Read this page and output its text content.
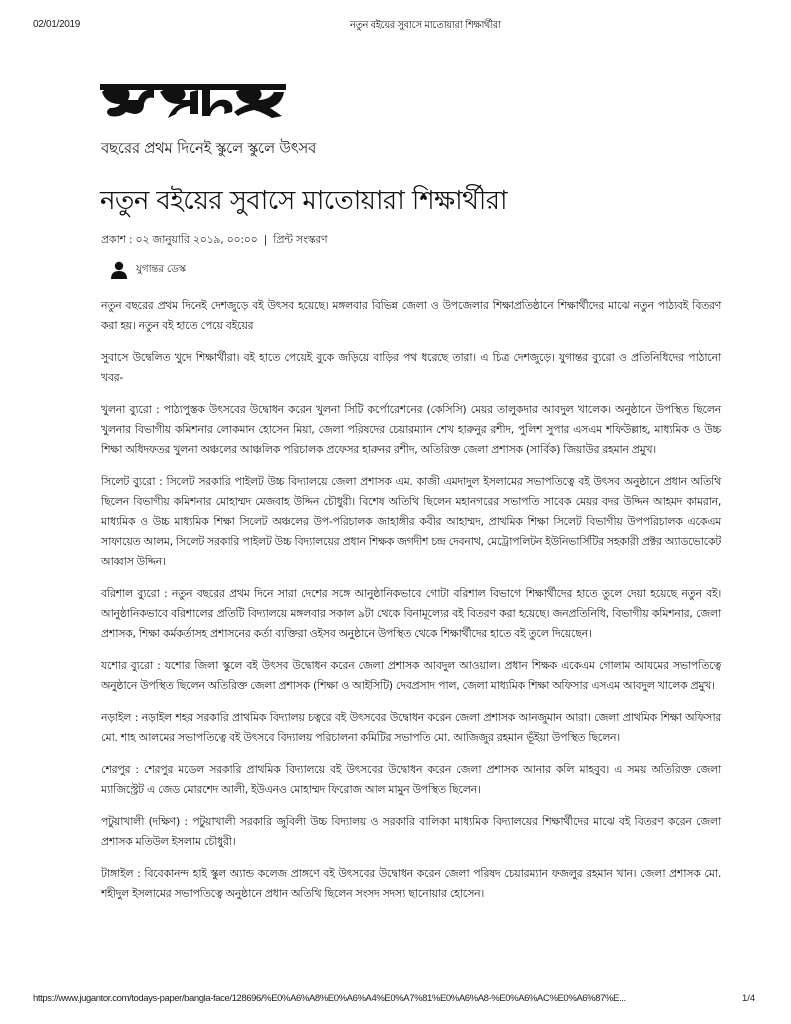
02/01/2019	নতুন বইয়ের সুবাসে মাতোয়ারা শিক্ষার্থীরা
বছরের প্রথম দিনেই স্কুলে স্কুলে উৎসব
নতুন বইয়ের সুবাসে মাতোয়ারা শিক্ষার্থীরা
প্রকাশ : ০২ জানুয়ারি ২০১৯, ০০:০০ | প্রিন্ট সংস্করণ
যুগান্তর ডেস্ক

নতুন বছরের প্রথম দিনেই দেশজুড়ে বই উৎসব হয়েছে। মঙ্গলবার বিভিন্ন জেলা ও উপজেলার শিক্ষাপ্রতিষ্ঠানে শিক্ষার্থীদের মাঝে নতুন পাঠ্যবই বিতরণ করা হয়। নতুন বই হাতে পেয়ে বইয়ের

সুবাসে উদ্বেলিত খুদে শিক্ষার্থীরা। বই হাতে পেয়েই বুকে জড়িয়ে বাড়ির পথ ধরেছে তারা। এ চিত্র দেশজুড়ে। যুগান্তর ব্যুরো ও প্রতিনিধিদের পাঠানো খবর-

খুলনা ব্যুরো : পাঠ্যপুস্তক উৎসবের উদ্বোধন করেন খুলনা সিটি কর্পোরেশনের (কেসিসি) মেয়র তালুকদার আবদুল খালেক। অনুষ্ঠানে উপস্থিত ছিলেন খুলনার বিভাগীয় কমিশনার লোকমান হোসেন মিয়া, জেলা পরিষদের চেয়ারম্যান শেখ হারুনুর রশীদ, পুলিশ সুপার এসএম শফিউল্লাহ, মাধ্যমিক ও উচ্চ শিক্ষা অধিদফতর খুলনা অঞ্চলের আঞ্চলিক পরিচালক প্রফেসর হারুনর রশীদ, অতিরিক্ত জেলা প্রশাসক (সার্বিক) জিয়াউর রহমান প্রমুখ।

সিলেট ব্যুরো : সিলেট সরকারি পাইলট উচ্চ বিদ্যালয়ে জেলা প্রশাসক এম. কাজী এমদাদুল ইসলামের সভাপতিত্বে বই উৎসব অনুষ্ঠানে প্রধান অতিথি ছিলেন বিভাগীয় কমিশনার মোহাম্মদ মেজবাহ উদ্দিন চৌধুরী। বিশেষ অতিথি ছিলেন মহানগরের সভাপতি সাবেক মেয়র বদর উদ্দিন আহমদ কামরান, মাধ্যমিক ও উচ্চ মাধ্যমিক শিক্ষা সিলেট অঞ্চলের উপ-পরিচালক জাহাঙ্গীর কবীর আহাম্মদ, প্রাথমিক শিক্ষা সিলেট বিভাগীয় উপপরিচালক একেএম সাফায়েত আলম, সিলেট সরকারি পাইলট উচ্চ বিদ্যালয়ের প্রধান শিক্ষক জগদীশ চন্দ্র দেবনাথ, মেট্রোপলিটন ইউনিভার্সিটির সহকারী প্রক্টর অ্যাডভোকেট আব্বাস উদ্দিন।

বরিশাল ব্যুরো : নতুন বছরের প্রথম দিনে সারা দেশের সঙ্গে আনুষ্ঠানিকভাবে গোটা বরিশাল বিভাগে শিক্ষার্থীদের হাতে তুলে দেয়া হয়েছে নতুন বই। আনুষ্ঠানিকভাবে বরিশালের প্রতিটি বিদ্যালয়ে মঙ্গলবার সকাল ৯টা থেকে বিনামূল্যের বই বিতরণ করা হয়েছে। জনপ্রতিনিধি, বিভাগীয় কমিশনার, জেলা প্রশাসক, শিক্ষা কর্মকর্তাসহ প্রশাসনের কর্তা ব্যক্তিরা ওইসব অনুষ্ঠানে উপস্থিত থেকে শিক্ষার্থীদের হাতে বই তুলে দিয়েছেন।

যশোর ব্যুরো : যশোর জিলা স্কুলে বই উৎসব উদ্বোধন করেন জেলা প্রশাসক আবদুল আওয়াল। প্রধান শিক্ষক একেএম গোলাম আযমের সভাপতিত্বে অনুষ্ঠানে উপস্থিত ছিলেন অতিরিক্ত জেলা প্রশাসক (শিক্ষা ও আইসিটি) দেবপ্রসাদ পাল, জেলা মাধ্যমিক শিক্ষা অফিসার এসএম আবদুল খালেক প্রমুখ।

নড়াইল : নড়াইল শহর সরকারি প্রাথমিক বিদ্যালয় চত্বরে বই উৎসবের উদ্বোধন করেন জেলা প্রশাসক আনজুমান আরা। জেলা প্রাথমিক শিক্ষা অফিসার মো. শাহ আলমের সভাপতিত্বে বই উৎসবে বিদ্যালয় পরিচালনা কমিটির সভাপতি মো. আজিজুর রহমান ভূঁইয়া উপস্থিত ছিলেন।

শেরপুর : শেরপুর মডেল সরকারি প্রাথমিক বিদ্যালয়ে বই উৎসবের উদ্বোধন করেন জেলা প্রশাসক আনার কলি মাহবুব। এ সময় অতিরিক্ত জেলা ম্যাজিস্ট্রেট এ জেড মোরশেদ আলী, ইউএনও মোহাম্মদ ফিরোজ আল মামুন উপস্থিত ছিলেন।

পটুয়াখালী (দক্ষিণ) : পটুয়াখালী সরকারি জুবিলী উচ্চ বিদ্যালয় ও সরকারি বালিকা মাধ্যমিক বিদ্যালয়ের শিক্ষার্থীদের মাঝে বই বিতরণ করেন জেলা প্রশাসক মতিউল ইসলাম চৌধুরী।

টাঙ্গাইল : বিবেকানন্দ হাই স্কুল অ্যান্ড কলেজ প্রাঙ্গণে বই উৎসবের উদ্বোধন করেন জেলা পরিষদ চেয়ারম্যান ফজলুর রহমান খান। জেলা প্রশাসক মো. শহীদুল ইসলামের সভাপতিত্বে অনুষ্ঠানে প্রধান অতিথি ছিলেন সংসদ সদস্য ছানোয়ার হোসেন।

https://www.jugantor.com/todays-paper/bangla-face/128696/%E0%A6%A8%E0%A6%A4%E0%A7%81%E0%A6%A8-%E0%A6%AC%E0%A6%87%E...	1/4
